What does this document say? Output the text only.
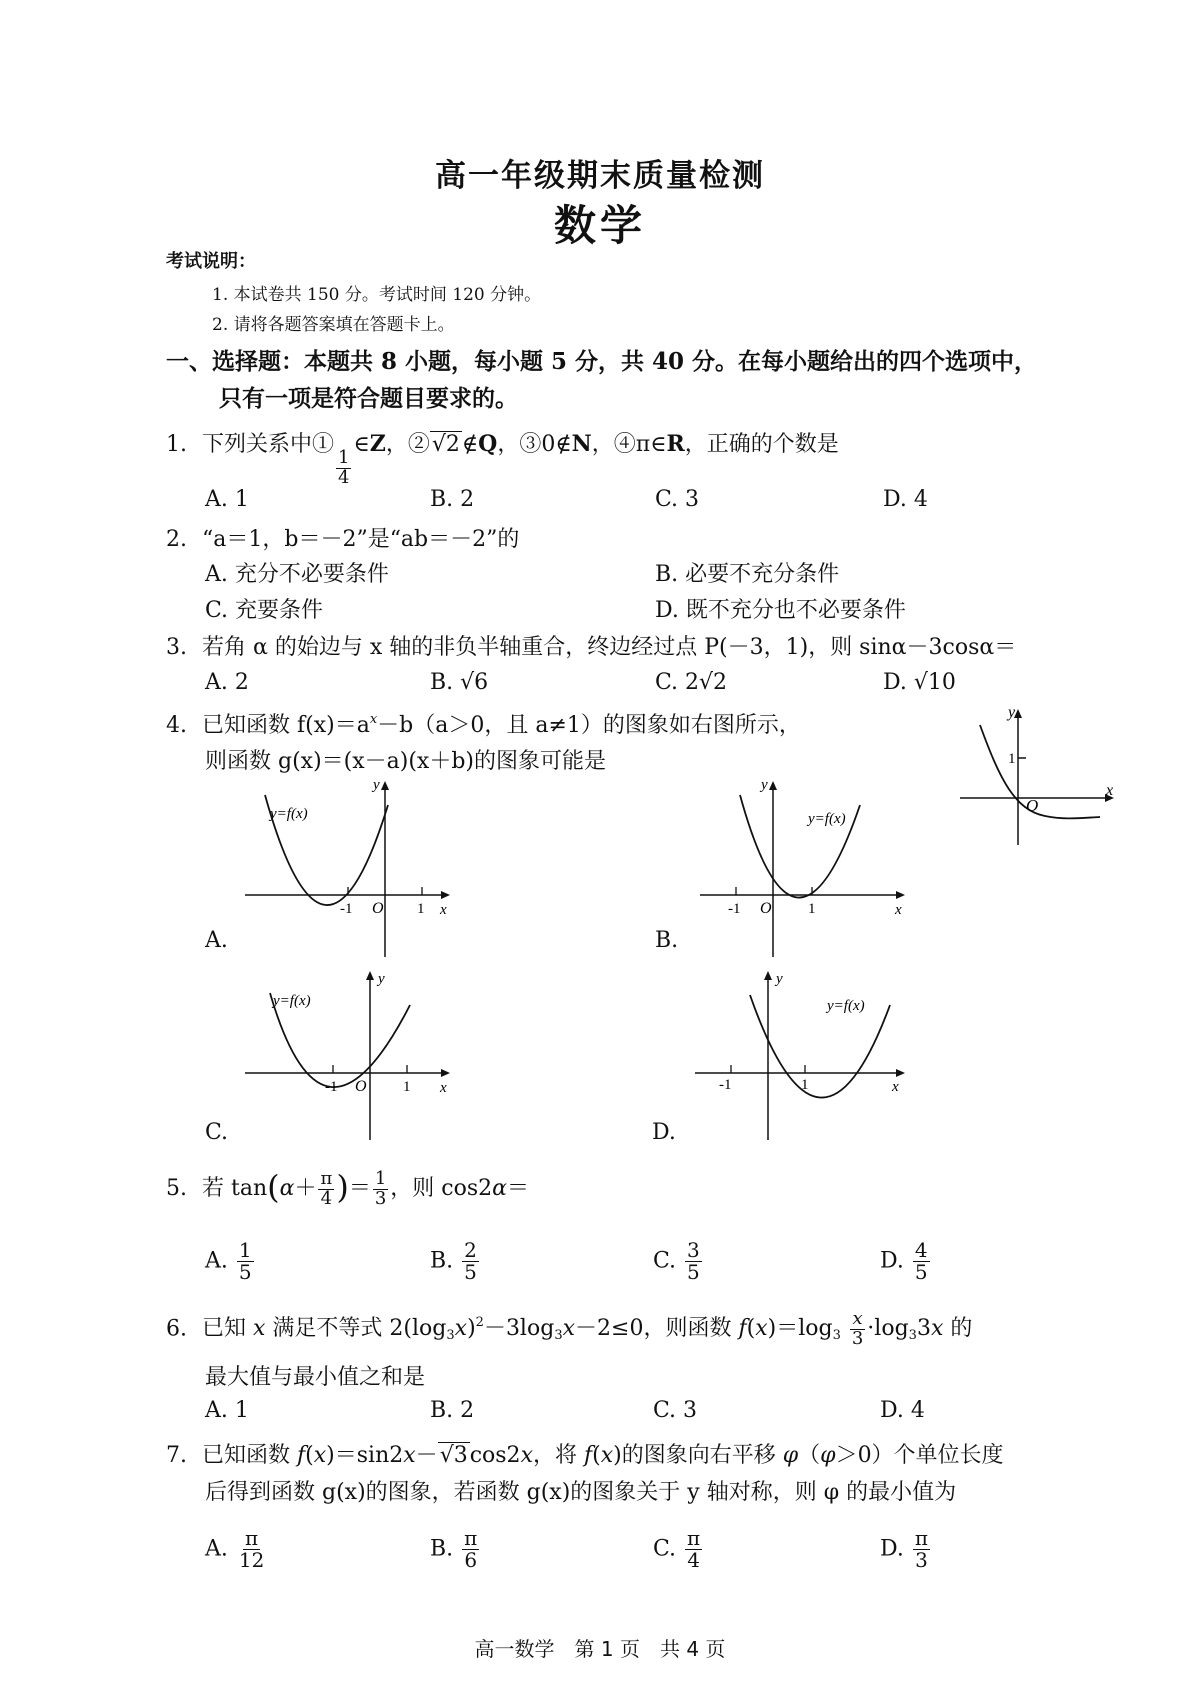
高一年级期末质量检测
数学
考试说明：
1. 本试卷共 150 分。考试时间 120 分钟。
2. 请将各题答案填在答题卡上。
一、选择题：本题共 8 小题，每小题 5 分，共 40 分。在每小题给出的四个选项中，
只有一项是符合题目要求的。
1. 下列关系中①
$\frac{1}{4}$
∈Z，②√2∉Q，③0∉N，④π∈R，正确的个数是
A. 1	B. 2	C. 3	D. 4
2. “a＝1，b＝－2”是“ab＝－2”的
A. 充分不必要条件	B. 必要不充分条件
C. 充要条件	D. 既不充分也不必要条件
3. 若角 α 的始边与 x 轴的非负半轴重合，终边经过点 P(－3，1)，则 sinα－3cosα＝
A. 2	B. √6	C. 2√2	D. √10
4. 已知函数 $f(x)=a^x-b(a>0$，且 a≠1）的图象如右图所示，
则函数 g(x)＝(x－a)(x＋b)的图象可能是	1
O
x
y
y=f(x)
-1 O 1 x
y
A.
y=f(x)
-1 O 1	x
y
B.
y=f(x)
-1 O 1 x
y
C.
y=f(x)
-1	1	x
y
D.
5. 若 $\tan(\alpha+ \frac{\pi}{4}$ )＝ $\frac{1}{3}$ ，则 cos2α＝
A. $\frac{1}{5}$	B. $\frac{2}{5}$	C. $\frac{3}{5}$	D. $\frac{4}{5}$
6. 已知 x 满足不等式 $2(\log_3x)^2-3\log_3x-2\le 0$，则函数 $f(x)=\log_3 \frac{x}{3} \cdot\log_33x$ 的
最大值与最小值之和是
A. 1	B. 2	C. 3	D. 4
7. 已知函数 f(x)＝sin2x－√3cos2x，将 f(x)的图象向右平移 φ（φ＞0）个单位长度
后得到函数 g(x)的图象，若函数 g(x)的图象关于 y 轴对称，则 φ 的最小值为
A. $\frac{\pi}{12}$	B. $\frac{\pi}{6}$	C. $\frac{\pi}{4}$	D. $\frac{\pi}{3}$
高一数学　第 1 页　共 4 页
